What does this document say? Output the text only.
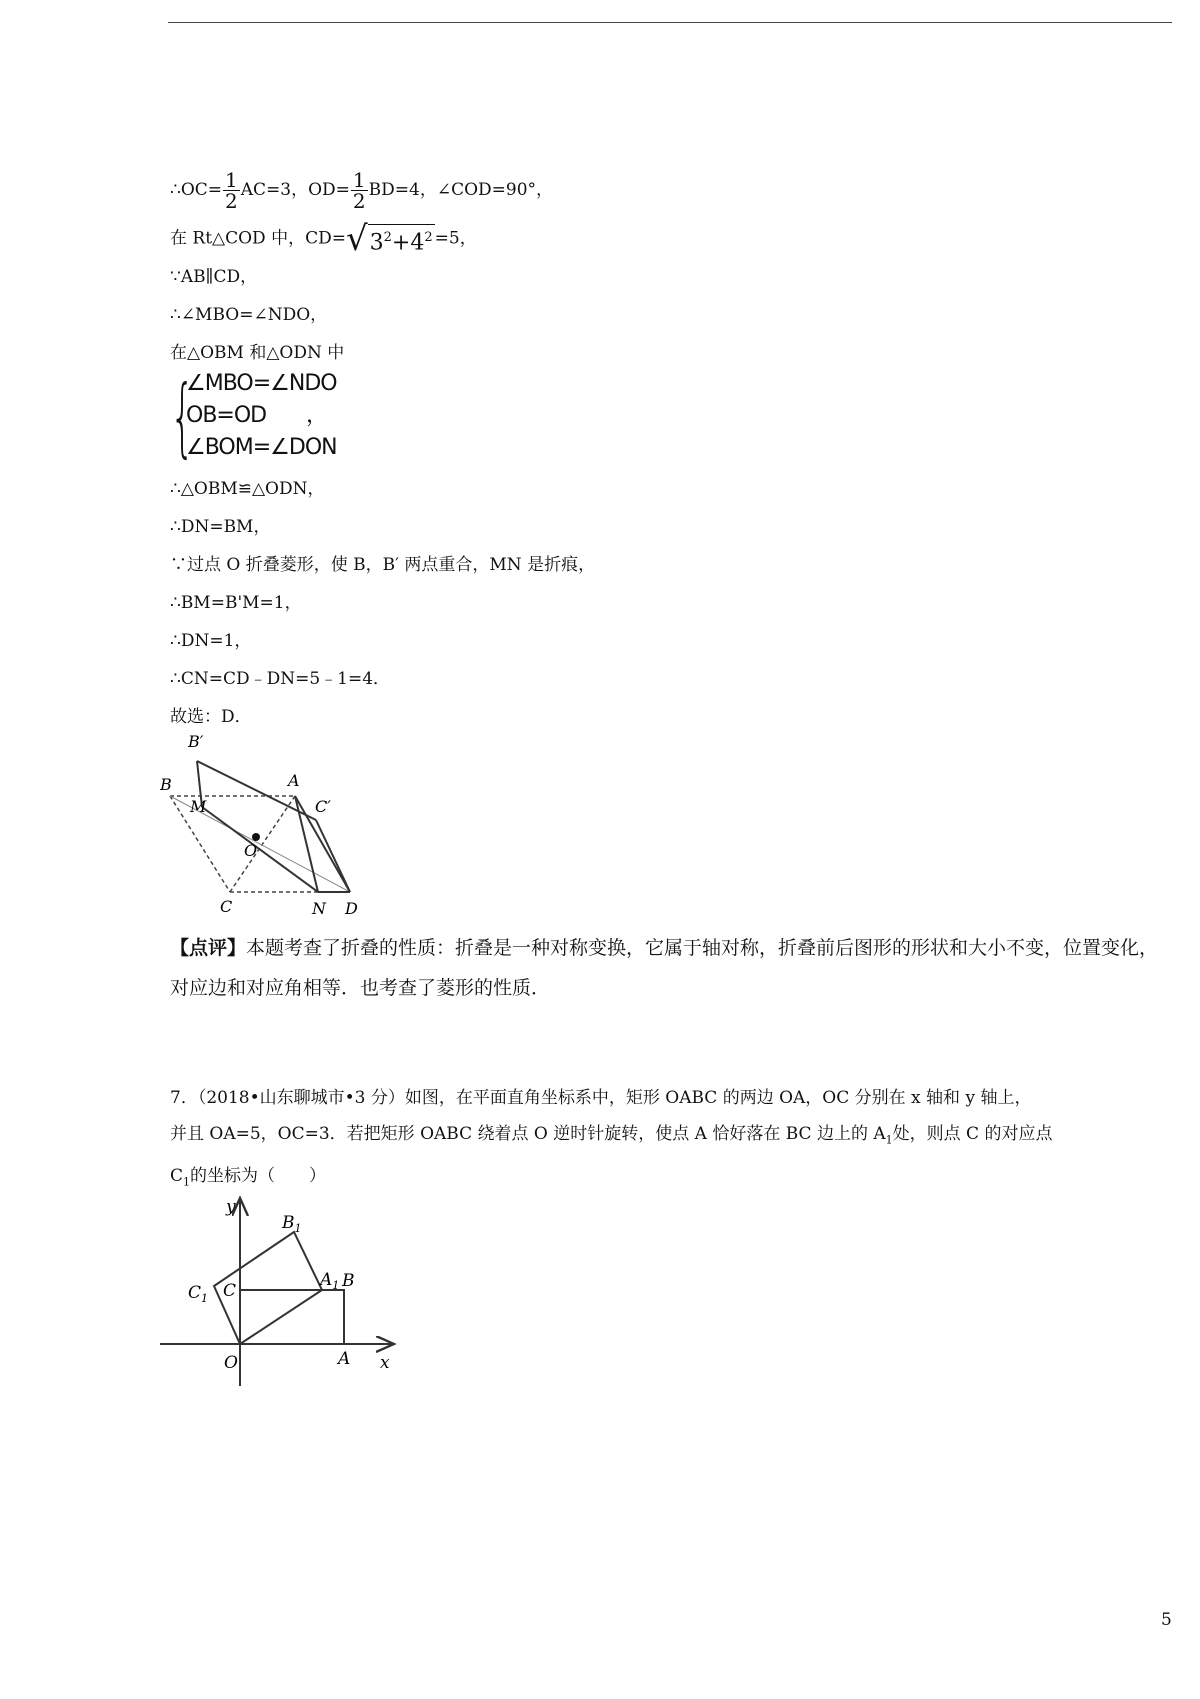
∴OC= $\frac{1}{2} AC=3$，$OD= \frac{1}{2} BD=4$，∠COD=90°，
在 Rt△COD 中，$CD=√3^2+4^2 =5$，
∵AB∥CD，
∴∠MBO=∠NDO，
在△OBM 和△ODN 中
{
∠MBO=∠NDO
OB=OD
∠BOM=∠DON
，
∴△OBM≌△ODN，
∴DN=BM，
∵过点 O 折叠菱形，使 B，B′ 两点重合，MN 是折痕，
∴BM=B'M=1，
∴DN=1，
∴CN=CD﹣DN=5﹣1=4．
故选：D．
B′
B	A
M	C′
O
C	N D
【点评】本题考查了折叠的性质：折叠是一种对称变换，它属于轴对称，折叠前后图形的形状和大小不变，位置变化，对应边和对应角相等．也考查了菱形的性质．
7．（2018•山东聊城市•3 分）如图，在平面直角坐标系中，矩形 OABC 的两边 OA，OC 分别在 x 轴和 y 轴上，
并且 OA=5，OC=3．若把矩形 OABC 绕着点 O 逆时针旋转，使点 A 恰好落在 BC 边上的 $A_1$处，则点 C 的对应点
$C_1$的坐标为（　　）
y
x
$B_1$
$A_1$ B
$C_1$ C
O	A
5
